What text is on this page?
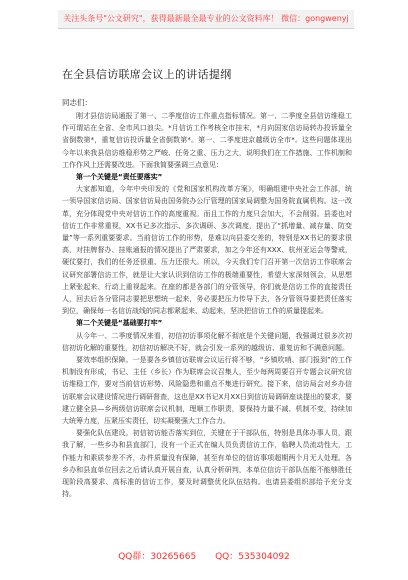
关注头条号"公文研究"，获得最新最全最专业的公文资料库！ 微信：gongwenyj
在全县信访联席会议上的讲话提纲
同志们：

刚才县信访局通报了第一、二季度信访工作重点指标情况。第一、二季度全县信访维稳工作可谓站在全省、全市风口浪尖。*月信访工作考核全市挂末，*月向国家信访局转办投诉量全省倒数第*，重复信访投诉量全省倒数第*。第一、二季度进京越级访全市*。这些问题体现出今年以来我县信访维稳形势之严峻、任务之重、压力之大，说明我们在工作措施、工作机制和工作作风上还需要改进。下面我简要强调三点意见：

第一个关键是“责任要落实”

大家都知道，今年中央印发的《党和国家机构改革方案》，明确组建中央社会工作部，统一领导国家信访局、国家信访局由国务院办公厅管理的国家局调整为国务院直属机构。这一改革，充分体现党中央对信访工作的高度重视。而且工作的力度只会加大，不会削弱。县委也对信访工作非常重视，XX书记多次指示、多次调研、多次调度，提出了“抓增量、减存量、防变量”等一系列重要要求。当前信访工作的形势，是难以向县委交差的，特别是XX书记的要求很高，对挂牌督办、挂账通报的情况提出了严肃要求，加之今年还有XXX、杭州亚运会等警戒，硬仗要打，我们的任务还很重、压力还很大。所以，今天我们专门召开第一次信访工作联席会议研究部署信访工作，就是让大家认识到信访工作的极端重要性，希望大家深刻领会，从思想上紧张起来、行动上重视起来。在座的都是各部门的分管领导，你们就是信访工作的直接责任人，回去后各分管同志要把思想统一起来，务必要把压力传导下去，各分管领导要把责任落实到位，确保每一名信访战线的同志都紧起来、动起来，坚决把信访工作的质量提起来。

第二个关键是“基础要打牢”

从今年一、二季度情况来看，初信初访事项化解不彻底是个关键问题，我强调过很多次初信初访化解的重要性，初信初访解决不好，就会引发一系列的越级访、重复访和不满意问题。

要效率组织保障。一是要各乡镇信访联席会议运行将不够，“乡镇吹哨、部门报到”的工作机制没有形成，书记、主任（乡长）作为联席会议召集人，至少每两周要召开专题会议研究信访维稳工作，要对当前信访形势、风险隐患和重点不集进行研究。接下来，信访局会对乡办信访联席会议建设情况进行调研督查，这也是XX书记X月XX日到信访局调研座谈提出的要求，要建立健全县—乡两级信访联席会议机制，理顺工作职责，要保持力量不减、机制不变，持续加大统筹力度，压紧压实责任，切实凝聚强大工作合力。

要强化队伍建设。初信初访能否落实到位，关键在于干部队伍，特别是具体办事人员，跟我了解，一些乡办和县直部门，没有一个正式在编人员负责信访工作，临聘人员流动性大，工作能力和素质参差不齐，办件质量没有保障，甚至有单位的信访事项超期两个月无人处理。各乡办和县直单位回去之后请认真开展自查，认真分析研判，本单位信访干部队伍能不能够胜任现阶段高要求、高标准的信访工作，要及时调整优化队伍结构。也请县委组织部给予充分支持。

QQ群：30265665 QQ：535304092
